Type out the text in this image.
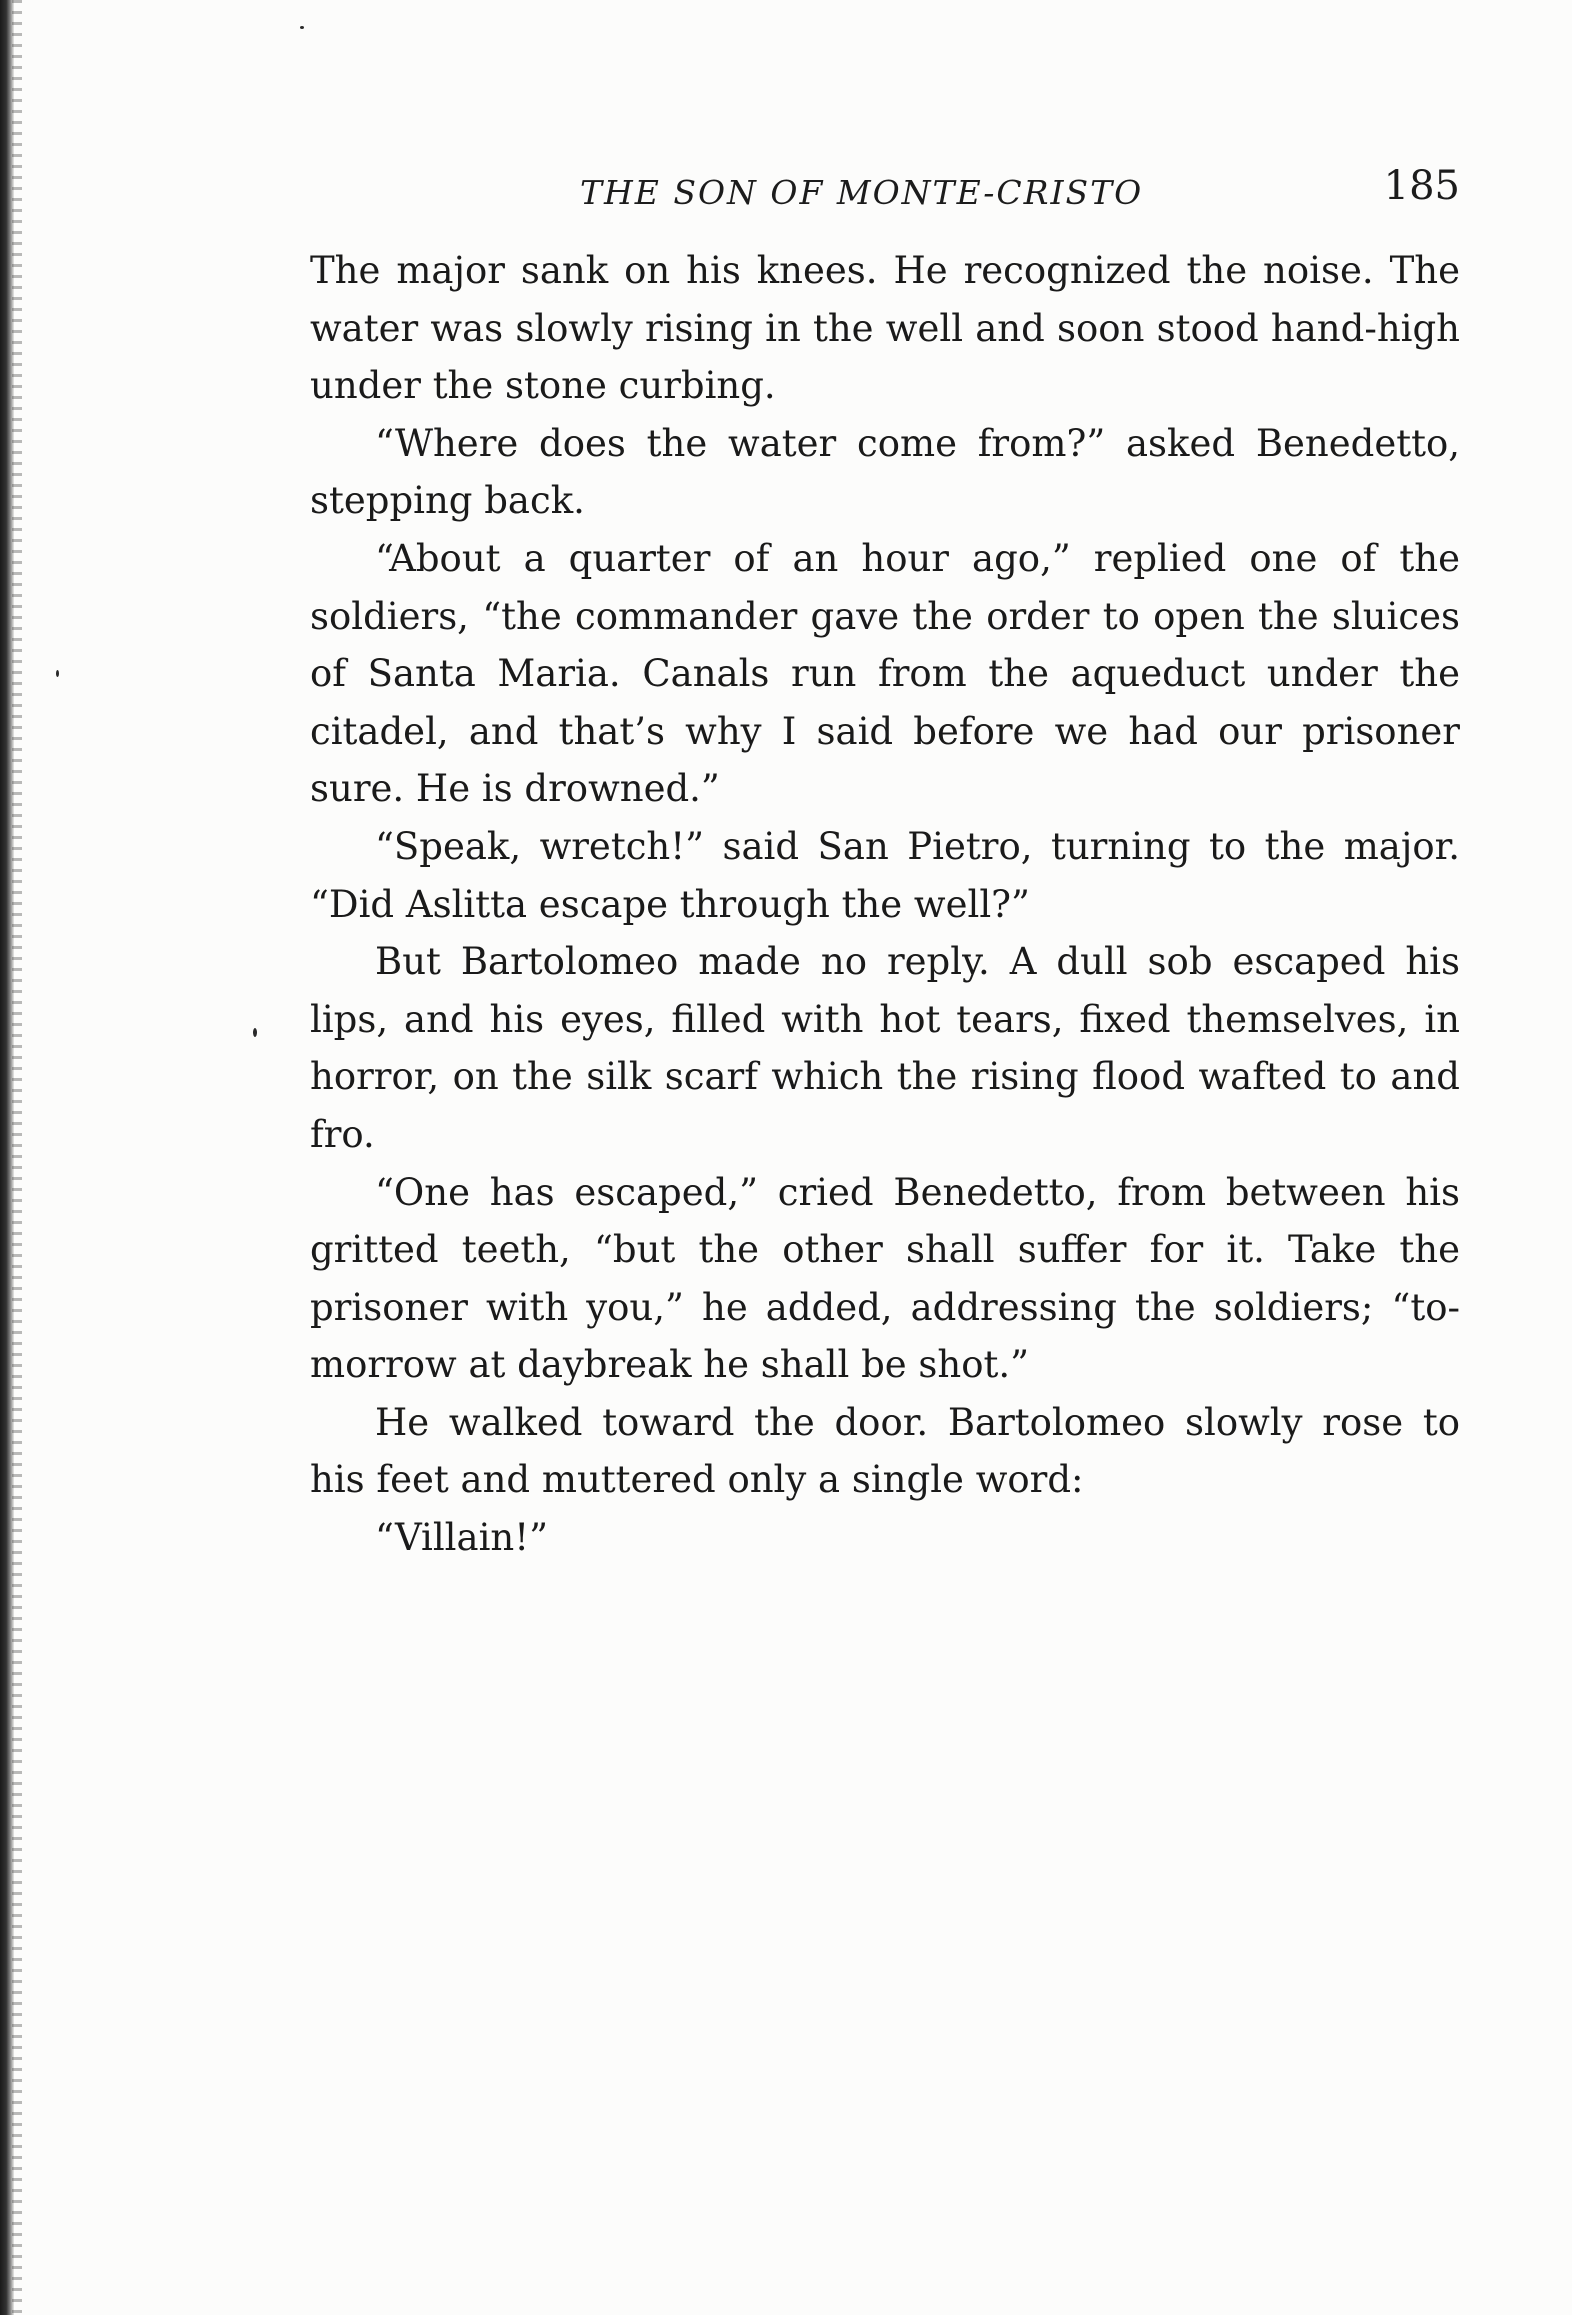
THE SON OF MONTE-CRISTO	185

The major sank on his knees. He recognized the noise. The water was slowly rising in the well and soon stood hand-high under the stone curbing.

“Where does the water come from?” asked Benedetto, stepping back.

“About a quarter of an hour ago,” replied one of the soldiers, “the commander gave the order to open the sluices of Santa Maria. Canals run from the aqueduct under the citadel, and that’s why I said before we had our prisoner sure. He is drowned.”

“Speak, wretch!” said San Pietro, turning to the major. “Did Aslitta escape through the well?”

But Bartolomeo made no reply. A dull sob escaped his lips, and his eyes, filled with hot tears, fixed themselves, in horror, on the silk scarf which the rising flood wafted to and fro.

“One has escaped,” cried Benedetto, from between his gritted teeth, “but the other shall suffer for it. Take the prisoner with you,” he added, addressing the soldiers; “to-morrow at daybreak he shall be shot.”

He walked toward the door. Bartolomeo slowly rose to his feet and muttered only a single word:

“Villain!”
